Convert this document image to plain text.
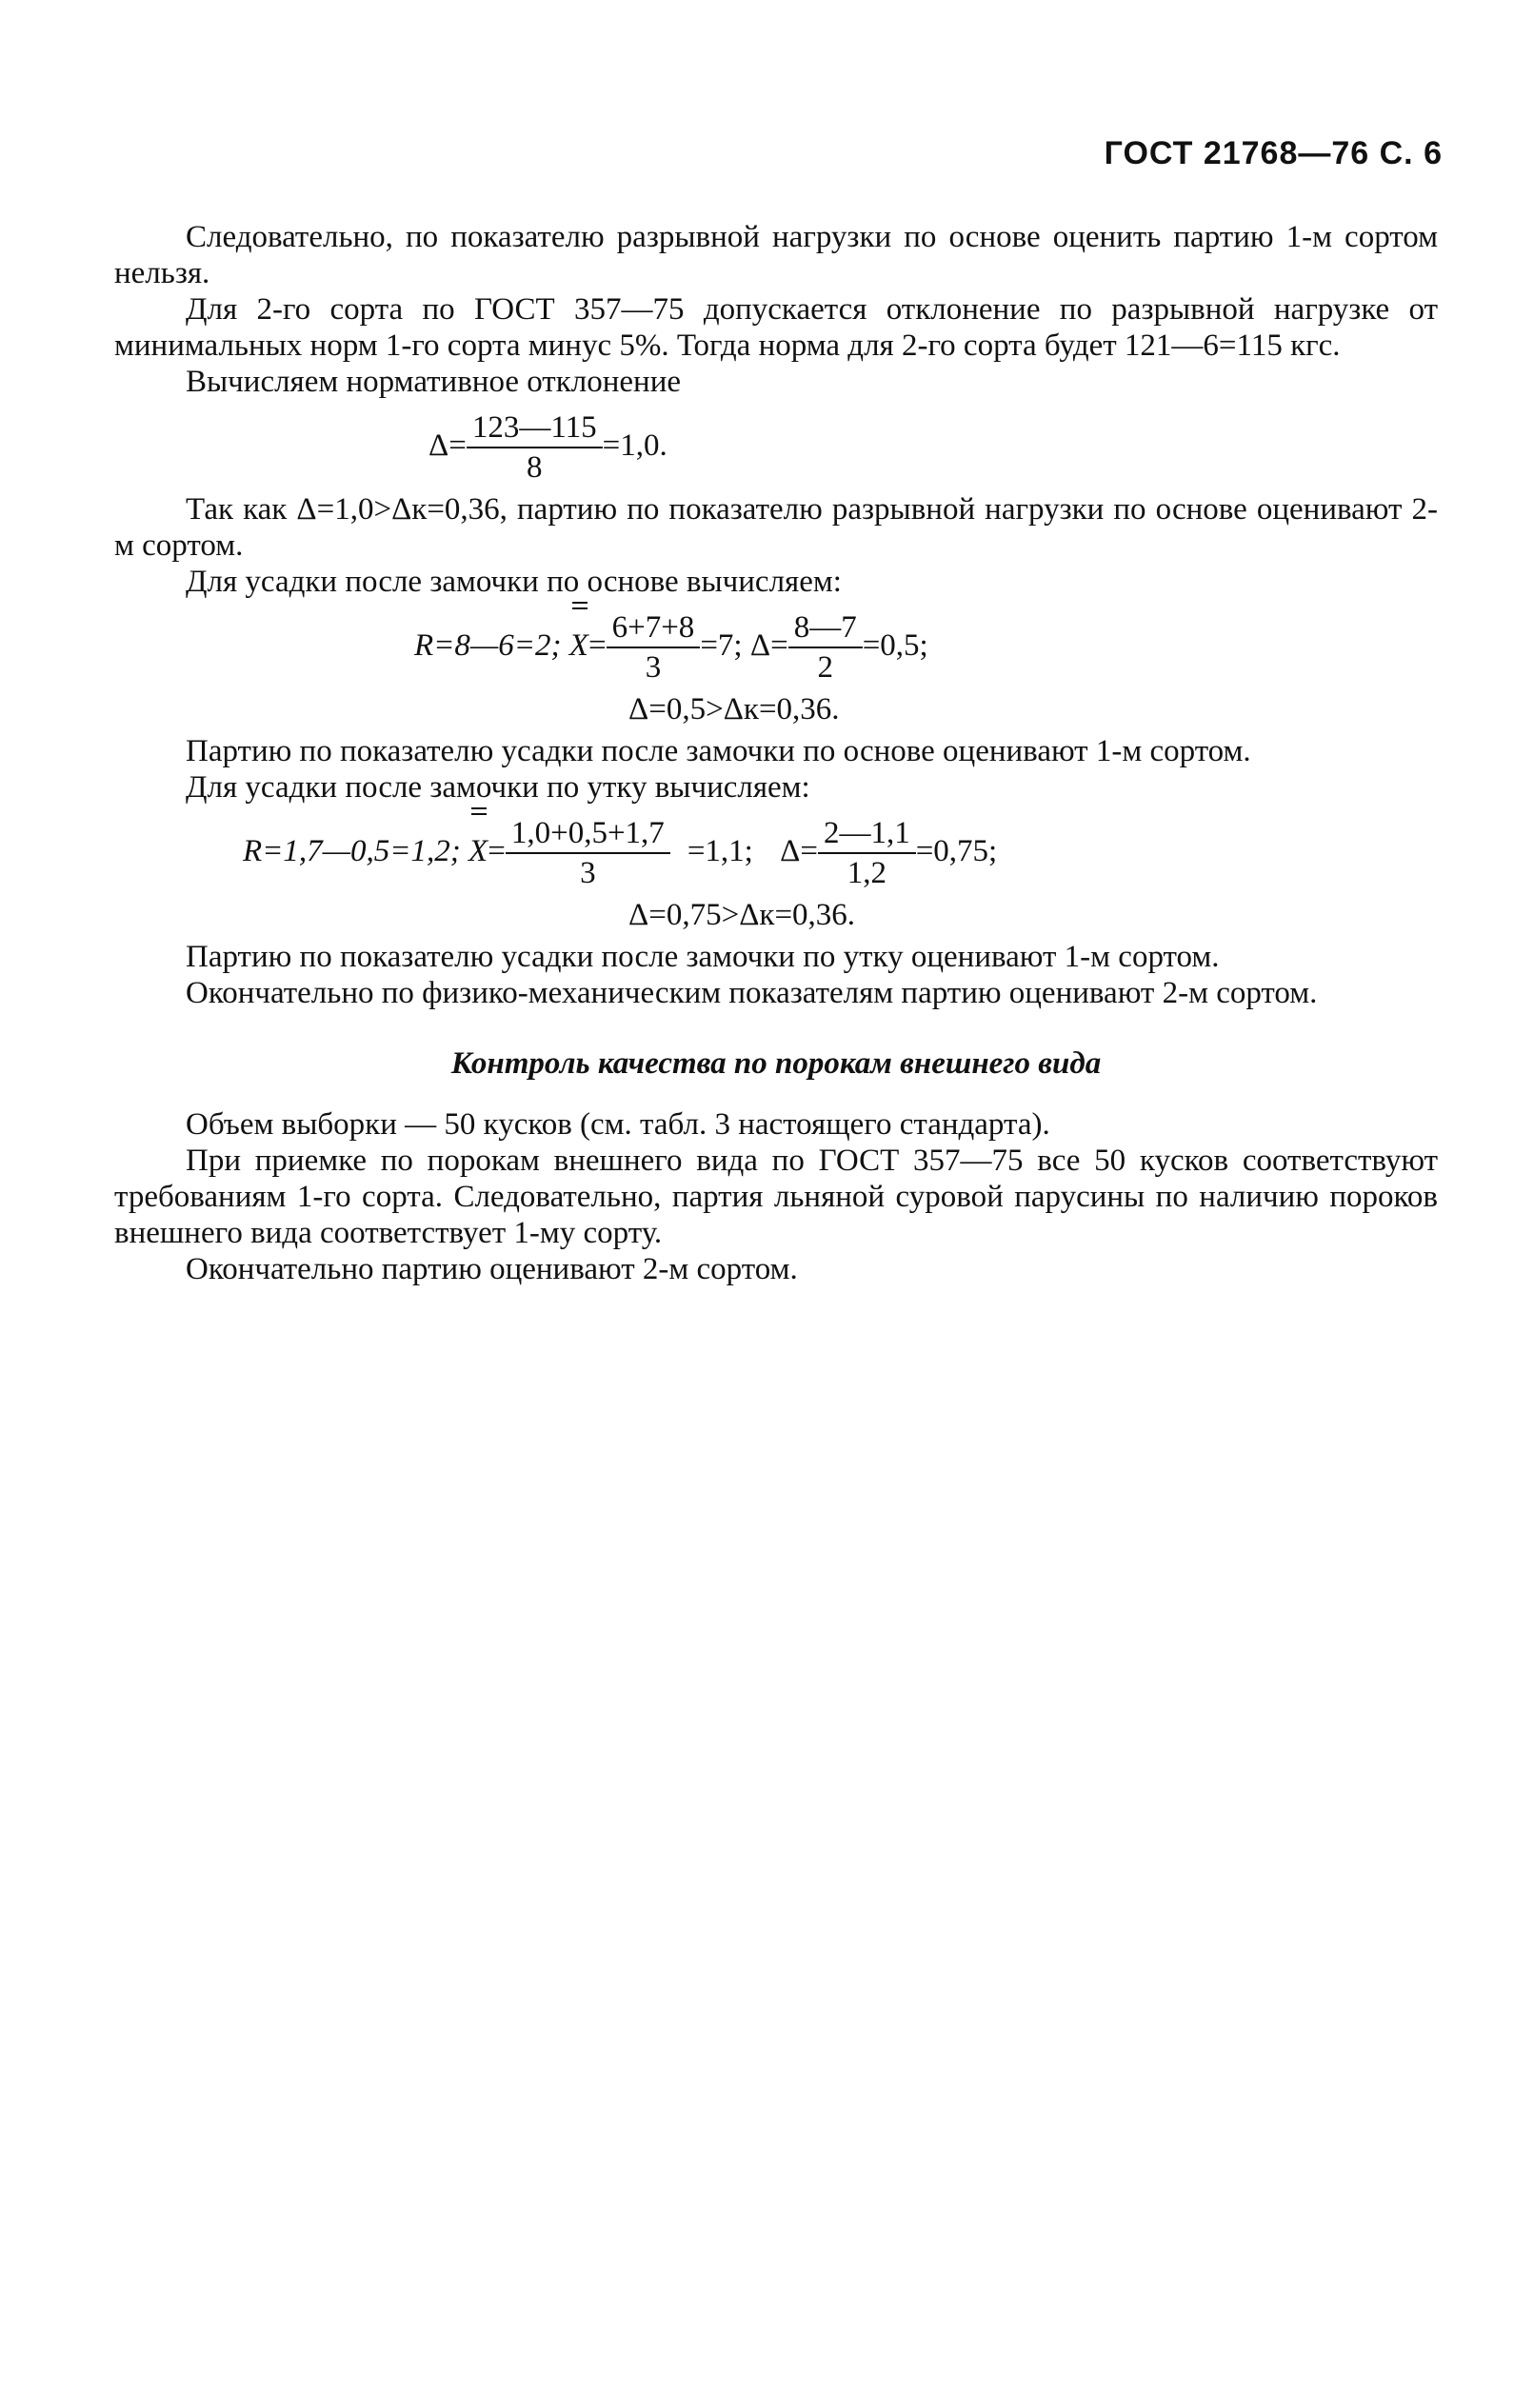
ГОСТ 21768—76 С. 6

Следовательно, по показателю разрывной нагрузки по основе оценить партию 1-м сортом нельзя.

Для 2-го сорта по ГОСТ 357—75 допускается отклонение по разрывной нагрузке от минимальных норм 1-го сорта минус 5%. Тогда норма для 2-го сорта будет 121—6=115 кгс.

Вычисляем нормативное отклонение

$\Delta= \frac{123—115}{8} =1,0$.

Так как Δ=1,0>Δк=0,36, партию по показателю разрывной нагрузки по основе оценивают 2-м сортом.

Для усадки после замочки по основе вычисляем:

R=8—6=2; $X= \frac{6+7+8}{3} =7$; $\Delta= \frac{8—7}{2} =0,5$;
Δ=0,5>Δк=0,36.

Партию по показателю усадки после замочки по основе оценивают 1-м сортом.

Для усадки после замочки по утку вычисляем:

R=1,7—0,5=1,2; $X= \frac{1,0+0,5+1,7}{3} =1,1$; $\Delta= \frac{2—1,1}{1,2} =0,75$;
Δ=0,75>Δк=0,36.

Партию по показателю усадки после замочки по утку оценивают 1-м сортом.

Окончательно по физико-механическим показателям партию оценивают 2-м сортом.

Контроль качества по порокам внешнего вида

Объем выборки — 50 кусков (см. табл. 3 настоящего стандарта).

При приемке по порокам внешнего вида по ГОСТ 357—75 все 50 кусков соответствуют требованиям 1-го сорта. Следовательно, партия льняной суровой парусины по наличию пороков внешнего вида соответствует 1-му сорту.

Окончательно партию оценивают 2-м сортом.
